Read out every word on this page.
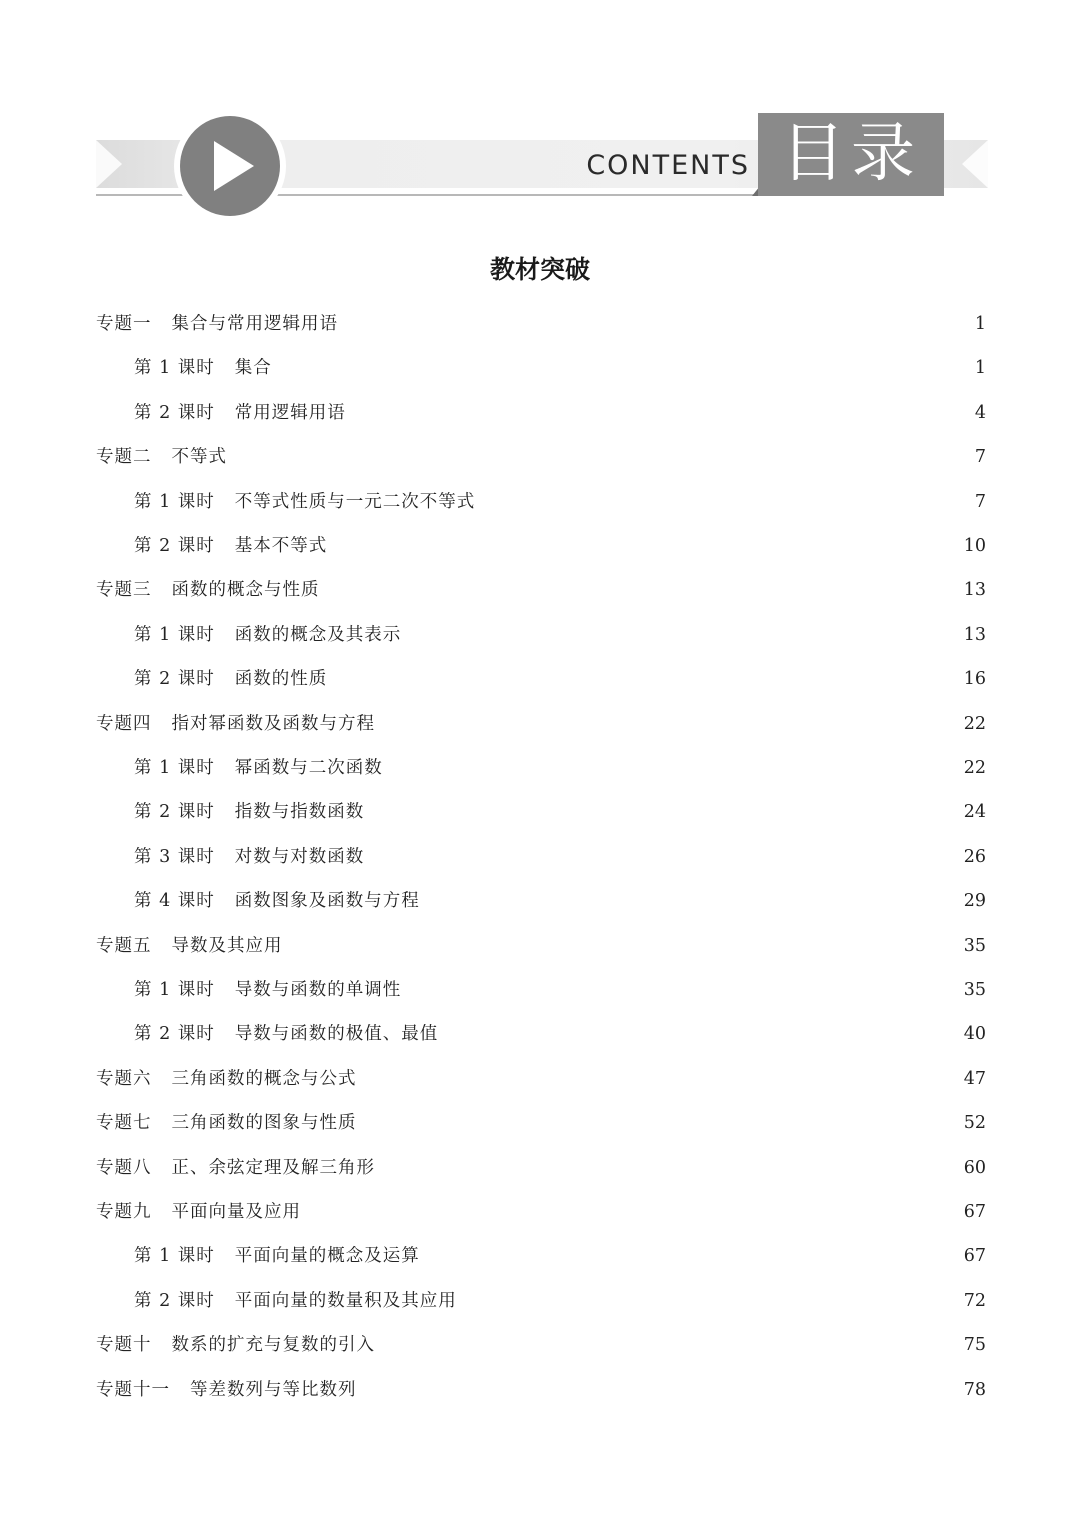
CONTENTS 目录
教材突破
专题一 集合与常用逻辑用语	1
第 1 课时 集合	1
第 2 课时 常用逻辑用语	4
专题二 不等式	7
第 1 课时 不等式性质与一元二次不等式	7
第 2 课时 基本不等式	10
专题三 函数的概念与性质	13
第 1 课时 函数的概念及其表示	13
第 2 课时 函数的性质	16
专题四 指对幂函数及函数与方程	22
第 1 课时 幂函数与二次函数	22
第 2 课时 指数与指数函数	24
第 3 课时 对数与对数函数	26
第 4 课时 函数图象及函数与方程	29
专题五 导数及其应用	35
第 1 课时 导数与函数的单调性	35
第 2 课时 导数与函数的极值、最值	40
专题六 三角函数的概念与公式	47
专题七 三角函数的图象与性质	52
专题八 正、余弦定理及解三角形	60
专题九 平面向量及应用	67
第 1 课时 平面向量的概念及运算	67
第 2 课时 平面向量的数量积及其应用	72
专题十 数系的扩充与复数的引入	75
专题十一 等差数列与等比数列	78
